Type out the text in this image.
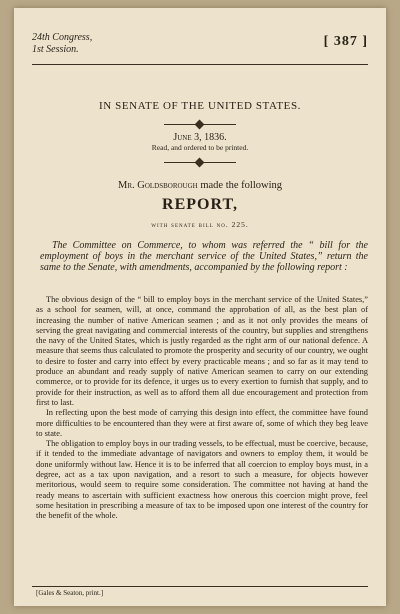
24th Congress,
1st Session.
[ 387 ]
IN SENATE OF THE UNITED STATES.
June 3, 1836.
Read, and ordered to be printed.
Mr. Goldsborough made the following
REPORT,
with senate bill no. 225.
The Committee on Commerce, to whom was referred the “ bill for the employment of boys in the merchant service of the United States,” return the same to the Senate, with amendments, accompanied by the following report :

The obvious design of the “ bill to employ boys in the merchant service of the United States,” as a school for seamen, will, at once, command the approbation of all, as the best plan of increasing the number of native American seamen ; and as it not only provides the means of serving the great navigating and commercial interests of the country, but supplies and strengthens the navy of the United States, which is justly regarded as the right arm of our national defence. A measure that seems thus calculated to promote the prosperity and security of our country, we ought to desire to foster and carry into effect by every practicable means ; and so far as it may tend to produce an abundant and ready supply of native American seamen to carry on our extending commerce, or to provide for its defence, it urges us to every exertion to furnish that supply, and to provide for their instruction, as well as to afford them all due encouragement and protection from first to last.

In reflecting upon the best mode of carrying this design into effect, the committee have found more difficulties to be encountered than they were at first aware of, some of which they beg leave to state.

The obligation to employ boys in our trading vessels, to be effectual, must be coercive, because, if it tended to the immediate advantage of navigators and owners to employ them, it would be done uniformly without law. Hence it is to be inferred that all coercion to employ boys must, in a degree, act as a tax upon navigation, and a resort to such a measure, for objects however meritorious, would seem to require some consideration. The committee not having at hand the ready means to ascertain with sufficient exactness how onerous this coercion might prove, feel some hesitation in prescribing a measure of tax to be imposed upon one interest of the country for the benefit of the whole.

[Gales & Seaton, print.]
